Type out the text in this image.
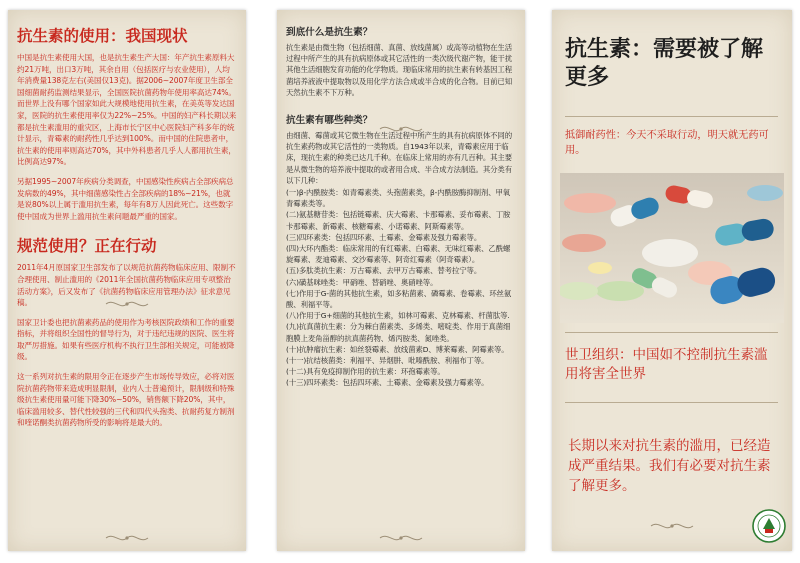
抗生素的使用：我国现状

中国是抗生素使用大国，也是抗生素生产大国：年产抗生素原料大约21万吨，出口3万吨，其余自用（包括医疗与农业使用），人均年消费量138克左右(美国仅13克)。据2006~2007年度卫生部全国细菌耐药监测结果显示，全国医院抗菌药物年使用率高达74%。而世界上没有哪个国家如此大规模地使用抗生素，在美英等发达国家，医院的抗生素使用率仅为22%~25%。中国的妇产科长期以来都是抗生素滥用的重灾区，上海市长宁区中心医院妇产科多年的统计显示，青霉素的耐药性几乎达到100%。而中国的住院患者中，抗生素的使用率则高达70%，其中外科患者几乎人人都用抗生素，比例高达97%。

另据1995~2007年疾病分类调查，中国感染性疾病占全部疾病总发病数的49%，其中细菌感染性占全部疾病的18%~21%，也就是说80%以上属于滥用抗生素，每年有8万人因此死亡。这些数字使中国成为世界上滥用抗生素问题最严重的国家。

规范使用？正在行动

2011年4月原国家卫生部发布了以规范抗菌药物临床应用、限制不合理使用、制止滥用的《2011年全国抗菌药物临床应用专项整治活动方案》，后又发布了《抗菌药物临床应用管理办法》征求意见稿。

国家卫计委也把抗菌素药品的使用作为考核医院政绩和工作的重要指标，并将组织全国性的督导行为，对于违纪违规的医院、医生将取严厉措施。如果有些医疗机构不执行卫生部相关规定，可能被降级。

这一系列对抗生素的限用令正在逐步产生市场传导效应，必将对医院抗菌药物带来造成明显限制，业内人士普遍预计，限制级和特殊级抗生素使用量可能下降30%~50%，销售额下降20%，其中，临床滥用较多、替代性较强的三代和四代头孢类、抗耐药复方制剂和喹诺酮类抗菌药物所受的影响将是最大的。

到底什么是抗生素？

抗生素是由微生物（包括细菌、真菌、放线菌属）或高等动植物在生活过程中所产生的具有抗病原体或其它活性的一类次级代谢产物，能干扰其他生活细胞发育功能的化学物质。现临床常用的抗生素有转基因工程菌培养液液中提取物以及用化学方法合成或半合成的化合物。目前已知天然抗生素不下万种。

抗生素有哪些种类？

由细菌、霉菌或其它微生物在生活过程中所产生的具有抗病原体不同的抗生素药物或其它活性的一类物质。自1943年以来，青霉素应用于临床，现抗生素的种类已达几千种。在临床上常用的亦有几百种。其主要是从微生物的培养液中提取的或者用合成、半合成方法制造。其分类有以下几种：

(一)β-内酰胺类：如青霉素类、头孢菌素类，β-内酰胺酶抑制剂、甲氧青霉素类等。
(二)氨基糖苷类：包括链霉素、庆大霉素、卡那霉素、妥布霉素、丁胺卡那霉素、新霉素、核糖霉素、小诺霉素、阿斯霉素等。
(三)四环素类：包括四环素、土霉素、金霉素及强力霉素等。
(四)大环内酯类：临床常用的有红霉素、白霉素、无味红霉素、乙酰螺旋霉素、麦迪霉素、交沙霉素等、阿奇红霉素（阿奇霉素）。
(五)多肽类抗生素：万古霉素、去甲万古霉素、替考拉宁等。
(六)磺基咪唑类：甲硝唑、替硝唑、奥硝唑等。
(七)作用于G-菌的其他抗生素，如多粘菌素、磷霉素、卷霉素、环丝氨酸、利福平等。
(八)作用于G+细菌的其他抗生素，如林可霉素、克林霉素、杆菌肽等.
(九)抗真菌抗生素：分为棘白菌素类、多烯类、嘧啶类、作用于真菌细胞膜上麦角甾醇的抗真菌药物、烯丙胺类、氮唑类。
(十)抗肿瘤抗生素：如丝裂霉素、放线菌素D、博莱霉素、阿霉素等。
(十一)抗结核菌类：利福平、异烟肼、吡嗪酰胺、利福布丁等。
(十二)具有免疫抑制作用的抗生素：环孢霉素等。
(十三)四环素类：包括四环素、土霉素、金霉素及强力霉素等。
抗生素：需要被了解更多

抵御耐药性：今天不采取行动，明天就无药可用。

世卫组织：中国如不控制抗生素滥用将害全世界

长期以来对抗生素的滥用，已经造成严重结果。我们有必要对抗生素了解更多。
